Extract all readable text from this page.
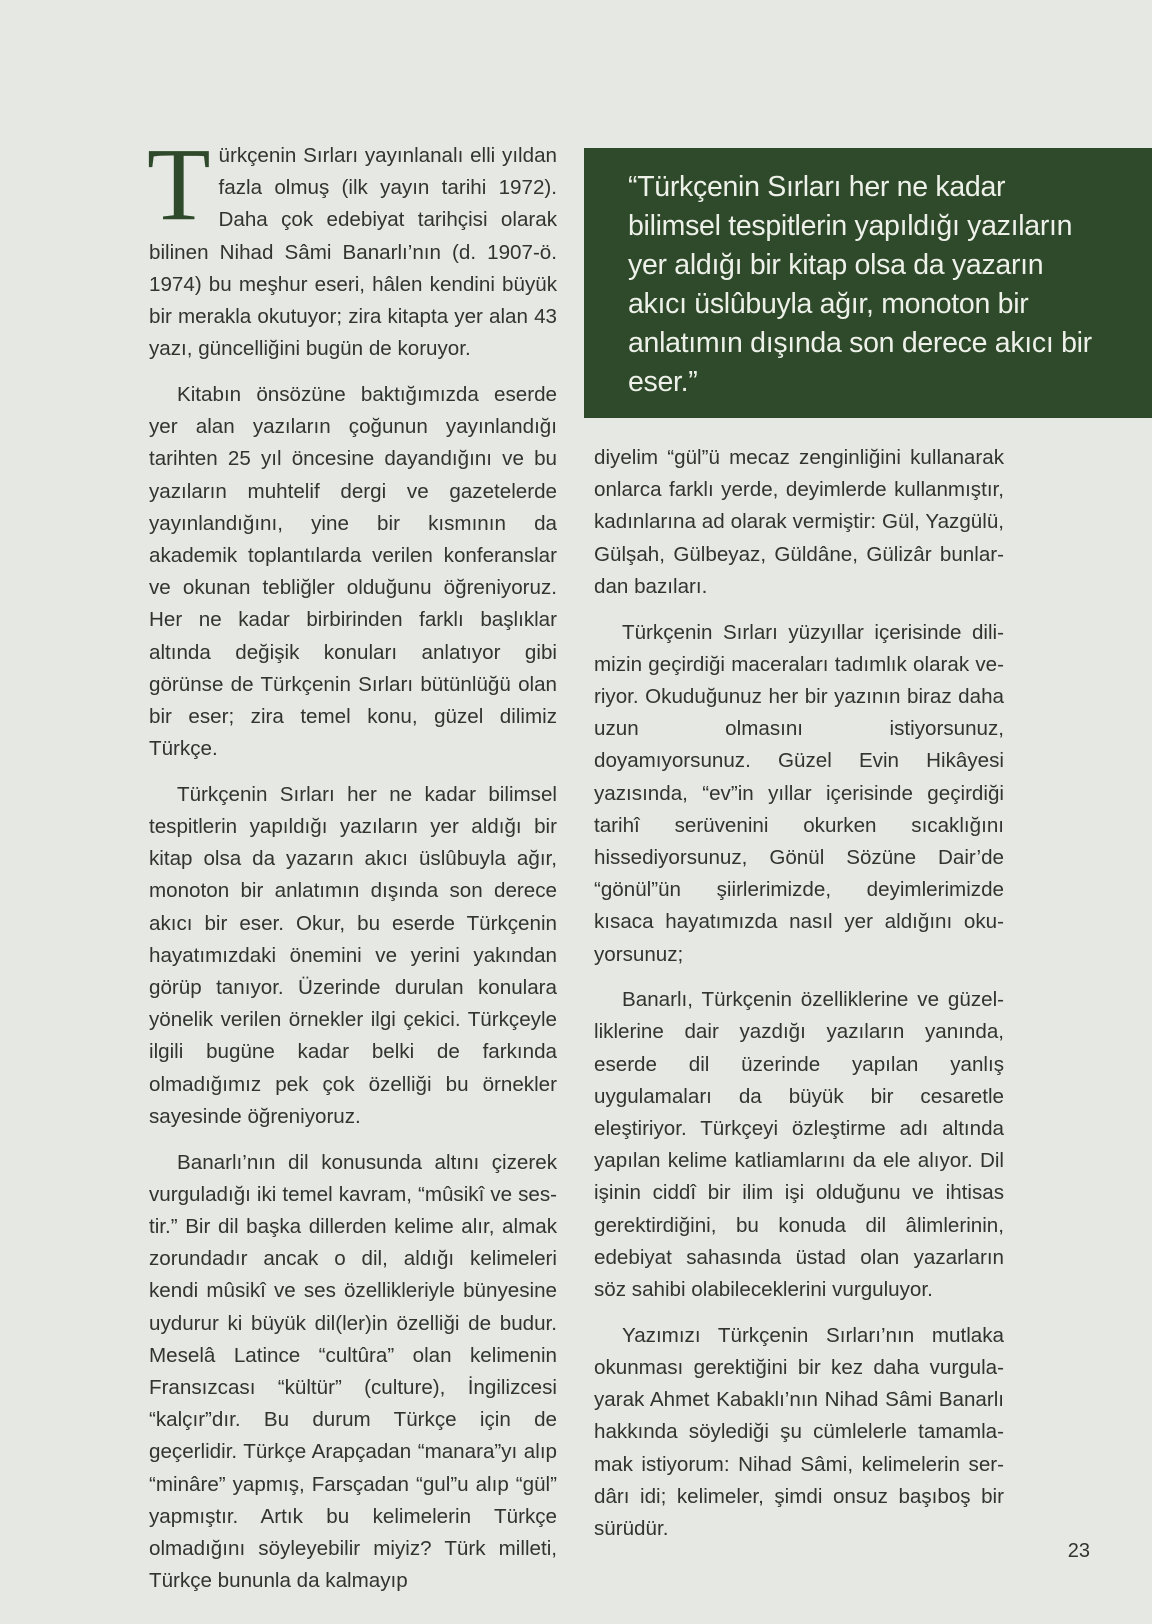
Türkçenin Sırları yayınlanalı elli yıldan fazla olmuş (ilk yayın tarihi 1972). Daha çok edebiyat tarihçisi olarak bilinen Nihad Sâmi Banarlı’nın (d. 1907-ö. 1974) bu meşhur eseri, hâlen kendini büyük bir merakla okutuyor; zira kitapta yer alan 43 yazı, güncelliğini bugün de koruyor.

Kitabın önsözüne baktığımızda eserde yer alan yazıların çoğunun yayınlandığı tarihten 25 yıl öncesine dayandığını ve bu yazıların muhtelif dergi ve gazetelerde yayınlandığını, yine bir kısmının da akademik toplantılarda verilen konferanslar ve okunan tebliğler olduğunu öğreniyoruz. Her ne kadar birbirinden farklı başlıklar altında değişik konuları anlatıyor gibi görünse de Türkçenin Sırları bütünlüğü olan bir eser; zira temel konu, güzel dilimiz Türkçe.

Türkçenin Sırları her ne kadar bilimsel tespitlerin yapıldığı yazıların yer aldığı bir kitap olsa da yazarın akıcı üslûbuyla ağır, monoton bir anlatımın dışında son derece akıcı bir eser. Okur, bu eserde Türkçenin hayatımızdaki önemini ve yerini yakından görüp tanıyor. Üzerinde durulan konulara yönelik verilen örnekler ilgi çekici. Türkçeyle ilgili bugüne kadar belki de farkında olmadığımız pek çok özelliği bu örnekler sayesinde öğreniyoruz.

Banarlı’nın dil konusunda altını çizerek vurguladığı iki temel kavram, “mûsikî ve sestir.” Bir dil başka dillerden kelime alır, almak zorundadır ancak o dil, aldığı kelimeleri kendi mûsikî ve ses özellikleriyle bünyesine uydurur ki büyük dil(ler)in özelliği de budur. Meselâ Latince “cultûra” olan kelimenin Fransızcası “kültür” (culture), İngilizcesi “kalçır”dır. Bu durum Türkçe için de geçerlidir. Türkçe Arapçadan “manara”yı alıp “minâre” yapmış, Farsçadan “gul”u alıp “gül” yapmıştır. Artık bu kelimelerin Türkçe olmadığını söyleyebilir miyiz? Türk milleti, Türkçe bununla da kalmayıp

“Türkçenin Sırları her ne kadar bilimsel tespitlerin yapıldığı yazıların yer aldığı bir kitap olsa da yazarın akıcı üslûbuyla ağır, monoton bir anlatımın dışında son derece akıcı bir eser.”

diyelim “gül”ü mecaz zenginliğini kullanarak onlarca farklı yerde, deyimlerde kullanmıştır, kadınlarına ad olarak vermiştir: Gül, Yazgülü, Gülşah, Gülbeyaz, Güldâne, Gülizâr bunlardan bazıları.

Türkçenin Sırları yüzyıllar içerisinde dilimizin geçirdiği maceraları tadımlık olarak veriyor. Okuduğunuz her bir yazının biraz daha uzun olmasını istiyorsunuz, doyamıyorsunuz. Güzel Evin Hikâyesi yazısında, “ev”in yıllar içerisinde geçirdiği tarihî serüvenini okurken sıcaklığını hissediyorsunuz, Gönül Sözüne Dair’de “gönül”ün şiirlerimizde, deyimlerimizde kısaca hayatımızda nasıl yer aldığını okuyorsunuz;

Banarlı, Türkçenin özelliklerine ve güzelliklerine dair yazdığı yazıların yanında, eserde dil üzerinde yapılan yanlış uygulamaları da büyük bir cesaretle eleştiriyor. Türkçeyi özleştirme adı altında yapılan kelime katliamlarını da ele alıyor. Dil işinin ciddî bir ilim işi olduğunu ve ihtisas gerektirdiğini, bu konuda dil âlimlerinin, edebiyat sahasında üstad olan yazarların söz sahibi olabileceklerini vurguluyor.

Yazımızı Türkçenin Sırları’nın mutlaka okunması gerektiğini bir kez daha vurgulayarak Ahmet Kabaklı’nın Nihad Sâmi Banarlı hakkında söylediği şu cümlelerle tamamlamak istiyorum: Nihad Sâmi, kelimelerin serdârı idi; kelimeler, şimdi onsuz başıboş bir sürüdür.

23
